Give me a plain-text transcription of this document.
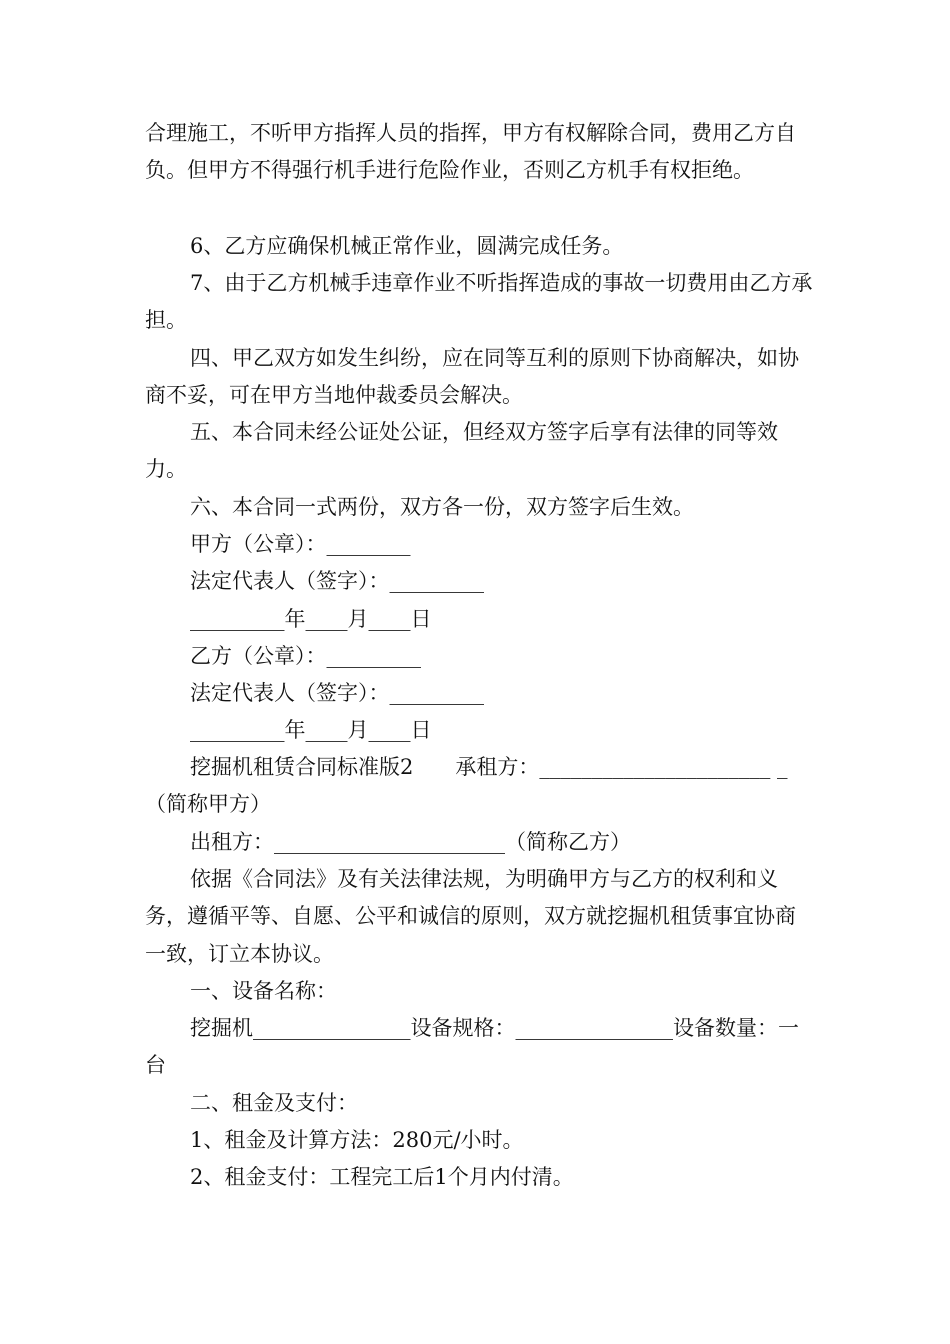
合理施工，不听甲方指挥人员的指挥，甲方有权解除合同，费用乙方自负。但甲方不得强行机手进行危险作业，否则乙方机手有权拒绝。

6、乙方应确保机械正常作业，圆满完成任务。

7、由于乙方机械手违章作业不听指挥造成的事故一切费用由乙方承担。

四、甲乙双方如发生纠纷，应在同等互利的原则下协商解决，如协商不妥，可在甲方当地仲裁委员会解决。

五、本合同未经公证处公证，但经双方签字后享有法律的同等效力。

六、本合同一式两份，双方各一份，双方签字后生效。

甲方（公章）：________

法定代表人（签字）：_________

_________年____月____日

乙方（公章）：_________

法定代表人（签字）：_________

_________年____月____日

挖掘机租赁合同标准版2　　承租方：______________________ _（简称甲方）

出租方：______________________（简称乙方）

依据《合同法》及有关法律法规，为明确甲方与乙方的权利和义务，遵循平等、自愿、公平和诚信的原则，双方就挖掘机租赁事宜协商一致，订立本协议。

一、设备名称：

挖掘机_______________设备规格：_______________设备数量：一台

二、租金及支付：

1、租金及计算方法：280元/小时。

2、租金支付：工程完工后1个月内付清。
